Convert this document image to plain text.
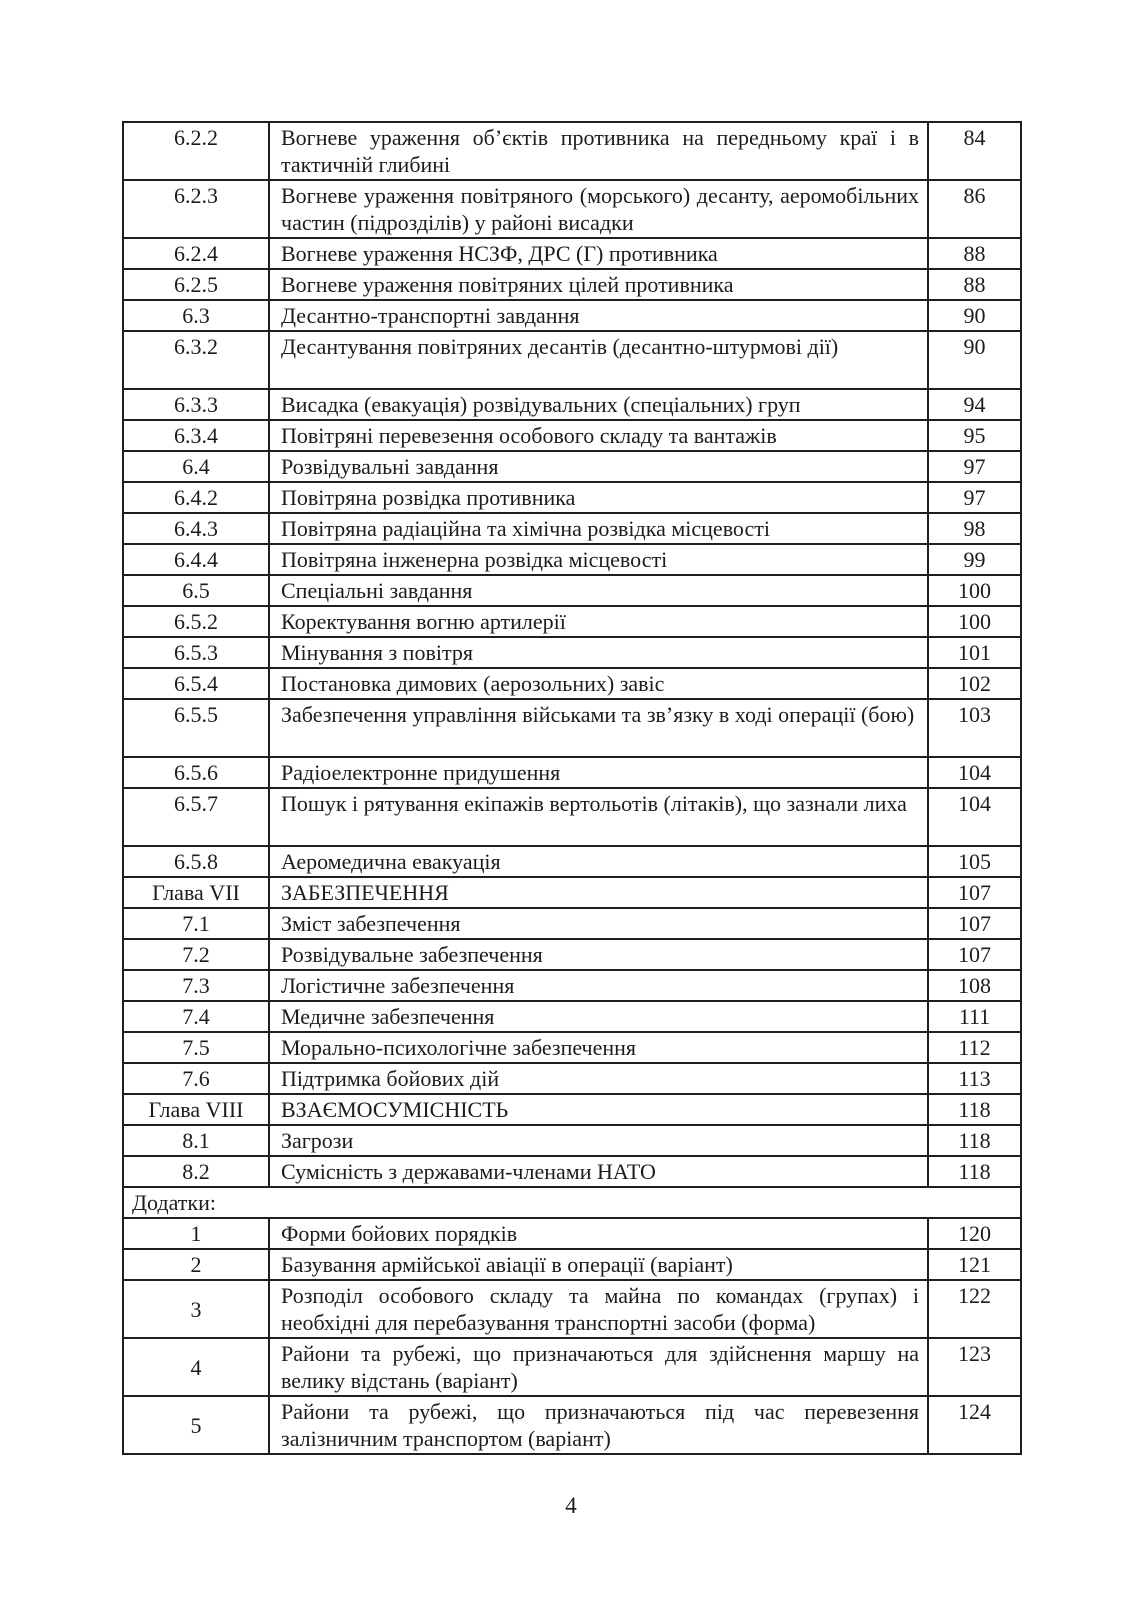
6.2.2	Вогневе ураження об’єктів противника на передньому краї і в тактичній глибині	84
6.2.3	Вогневе ураження повітряного (морського) десанту, аеромобільних частин (підрозділів) у районі висадки	86
6.2.4	Вогневе ураження НСЗФ, ДРС (Г) противника	88
6.2.5	Вогневе ураження повітряних цілей противника	88
6.3	Десантно-транспортні завдання	90
6.3.2	Десантування повітряних десантів (десантно-штурмові дії)	90
6.3.3	Висадка (евакуація) розвідувальних (спеціальних) груп	94
6.3.4	Повітряні перевезення особового складу та вантажів	95
6.4	Розвідувальні завдання	97
6.4.2	Повітряна розвідка противника	97
6.4.3	Повітряна радіаційна та хімічна розвідка місцевості	98
6.4.4	Повітряна інженерна розвідка місцевості	99
6.5	Спеціальні завдання	100
6.5.2	Коректування вогню артилерії	100
6.5.3	Мінування з повітря	101
6.5.4	Постановка димових (аерозольних) завіс	102
6.5.5	Забезпечення управління військами та зв’язку в ході операції (бою)	103
6.5.6	Радіоелектронне придушення	104
6.5.7	Пошук і рятування екіпажів вертольотів (літаків), що зазнали лиха	104
6.5.8	Аеромедична евакуація	105
Глава VII	ЗАБЕЗПЕЧЕННЯ	107
7.1	Зміст забезпечення	107
7.2	Розвідувальне забезпечення	107
7.3	Логістичне забезпечення	108
7.4	Медичне забезпечення	111
7.5	Морально-психологічне забезпечення	112
7.6	Підтримка бойових дій	113
Глава VIII	ВЗАЄМОСУМІСНІСТЬ	118
8.1	Загрози	118
8.2	Сумісність з державами-членами НАТО	118
Додатки:		
1	Форми бойових порядків	120
2	Базування армійської авіації в операції (варіант)	121
3	Розподіл особового складу та майна по командах (групах) і необхідні для перебазування транспортні засоби (форма)	122
4	Райони та рубежі, що призначаються для здійснення маршу на велику відстань (варіант)	123
5	Райони та рубежі, що призначаються під час перевезення залізничним транспортом (варіант)	124
4
